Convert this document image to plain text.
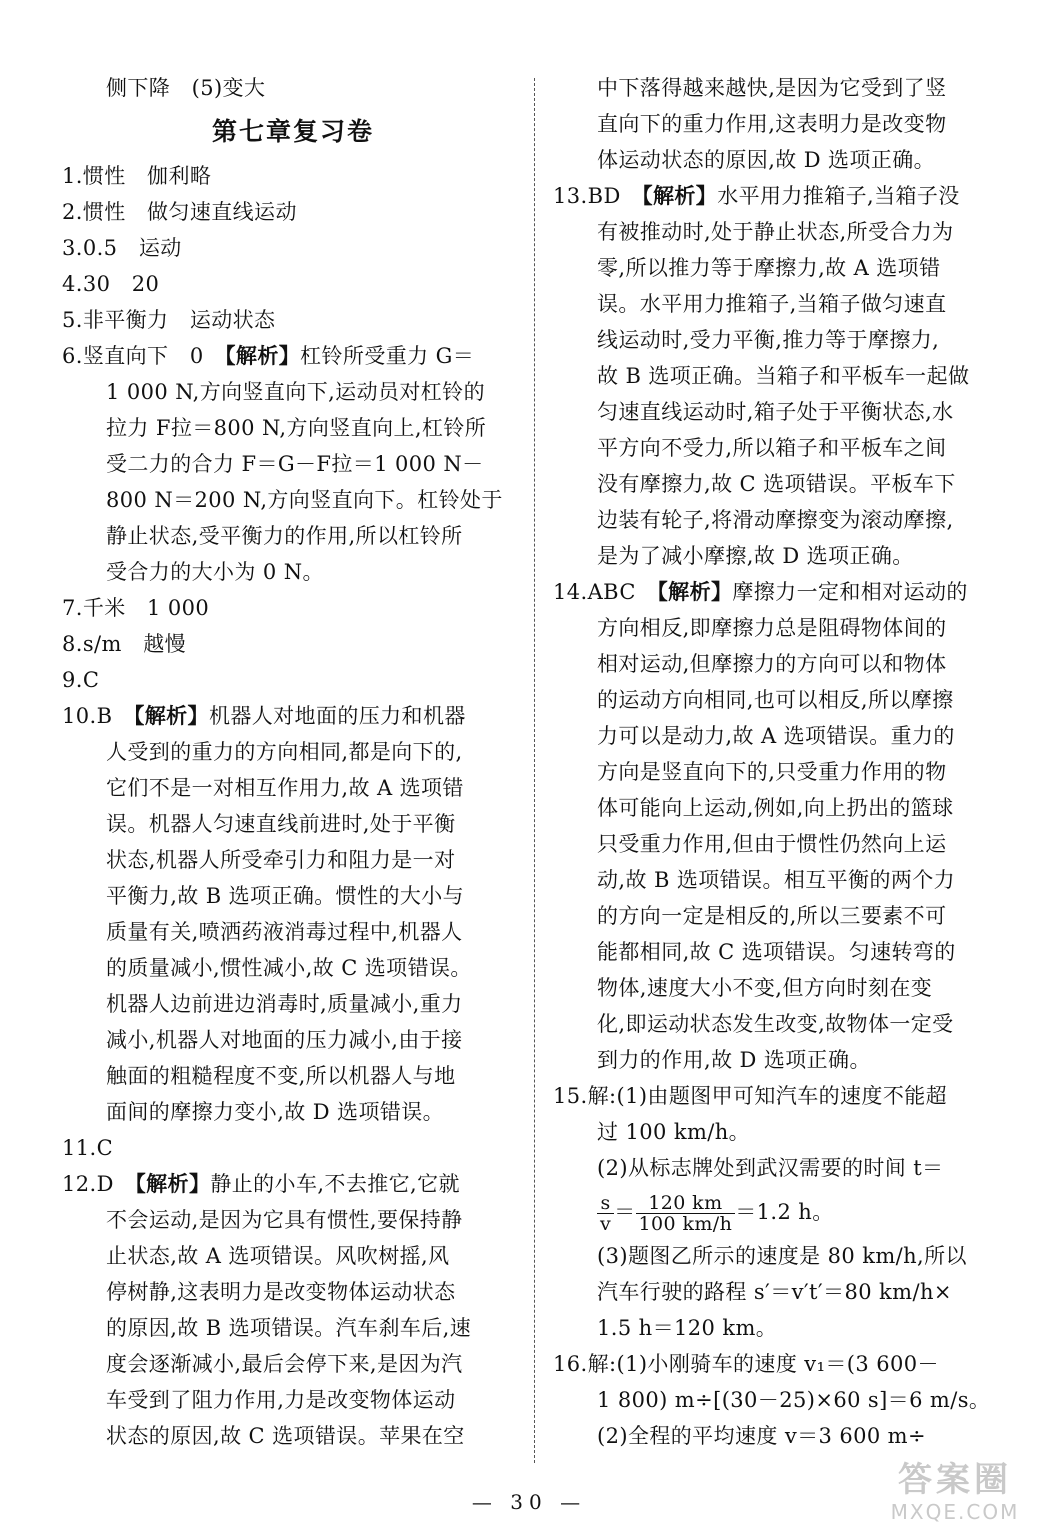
侧下降　(5)变大
第七章复习卷
1.惯性　伽利略
2.惯性　做匀速直线运动
3.0.5　运动
4.30　20
5.非平衡力　运动状态
6.竖直向下　0　【解析】杠铃所受重力 G＝
1 000 N,方向竖直向下,运动员对杠铃的
拉力 F拉＝800 N,方向竖直向上,杠铃所
受二力的合力 F＝G－F拉＝1 000 N－
800 N＝200 N,方向竖直向下。杠铃处于
静止状态,受平衡力的作用,所以杠铃所
受合力的大小为 0 N。
7.千米　1 000
8.s/m　越慢
9.C
10.B　【解析】机器人对地面的压力和机器
人受到的重力的方向相同,都是向下的,
它们不是一对相互作用力,故 A 选项错
误。机器人匀速直线前进时,处于平衡
状态,机器人所受牵引力和阻力是一对
平衡力,故 B 选项正确。惯性的大小与
质量有关,喷洒药液消毒过程中,机器人
的质量减小,惯性减小,故 C 选项错误。
机器人边前进边消毒时,质量减小,重力
减小,机器人对地面的压力减小,由于接
触面的粗糙程度不变,所以机器人与地
面间的摩擦力变小,故 D 选项错误。
11.C
12.D　【解析】静止的小车,不去推它,它就
不会运动,是因为它具有惯性,要保持静
止状态,故 A 选项错误。风吹树摇,风
停树静,这表明力是改变物体运动状态
的原因,故 B 选项错误。汽车刹车后,速
度会逐渐减小,最后会停下来,是因为汽
车受到了阻力作用,力是改变物体运动
状态的原因,故 C 选项错误。苹果在空
中下落得越来越快,是因为它受到了竖
直向下的重力作用,这表明力是改变物
体运动状态的原因,故 D 选项正确。
13.BD　【解析】水平用力推箱子,当箱子没
有被推动时,处于静止状态,所受合力为
零,所以推力等于摩擦力,故 A 选项错
误。水平用力推箱子,当箱子做匀速直
线运动时,受力平衡,推力等于摩擦力,
故 B 选项正确。当箱子和平板车一起做
匀速直线运动时,箱子处于平衡状态,水
平方向不受力,所以箱子和平板车之间
没有摩擦力,故 C 选项错误。平板车下
边装有轮子,将滑动摩擦变为滚动摩擦,
是为了减小摩擦,故 D 选项正确。
14.ABC　【解析】摩擦力一定和相对运动的
方向相反,即摩擦力总是阻碍物体间的
相对运动,但摩擦力的方向可以和物体
的运动方向相同,也可以相反,所以摩擦
力可以是动力,故 A 选项错误。重力的
方向是竖直向下的,只受重力作用的物
体可能向上运动,例如,向上扔出的篮球
只受重力作用,但由于惯性仍然向上运
动,故 B 选项错误。相互平衡的两个力
的方向一定是相反的,所以三要素不可
能都相同,故 C 选项错误。匀速转弯的
物体,速度大小不变,但方向时刻在变
化,即运动状态发生改变,故物体一定受
到力的作用,故 D 选项正确。
15.解:(1)由题图甲可知汽车的速度不能超
过 100 km/h。
(2)从标志牌处到武汉需要的时间 t＝
$\frac{s}{v} = \frac{120 km}{100 km/h} =1.2$ h。
(3)题图乙所示的速度是 80 km/h,所以
汽车行驶的路程 s′＝v′t′＝80 km/h×
1.5 h＝120 km。
16.解:(1)小刚骑车的速度 v₁＝(3 600－
1 800) m÷[(30－25)×60 s]＝6 m/s。
(2)全程的平均速度 v＝3 600 m÷
— 30 —
答案圈
MXQE.COM
